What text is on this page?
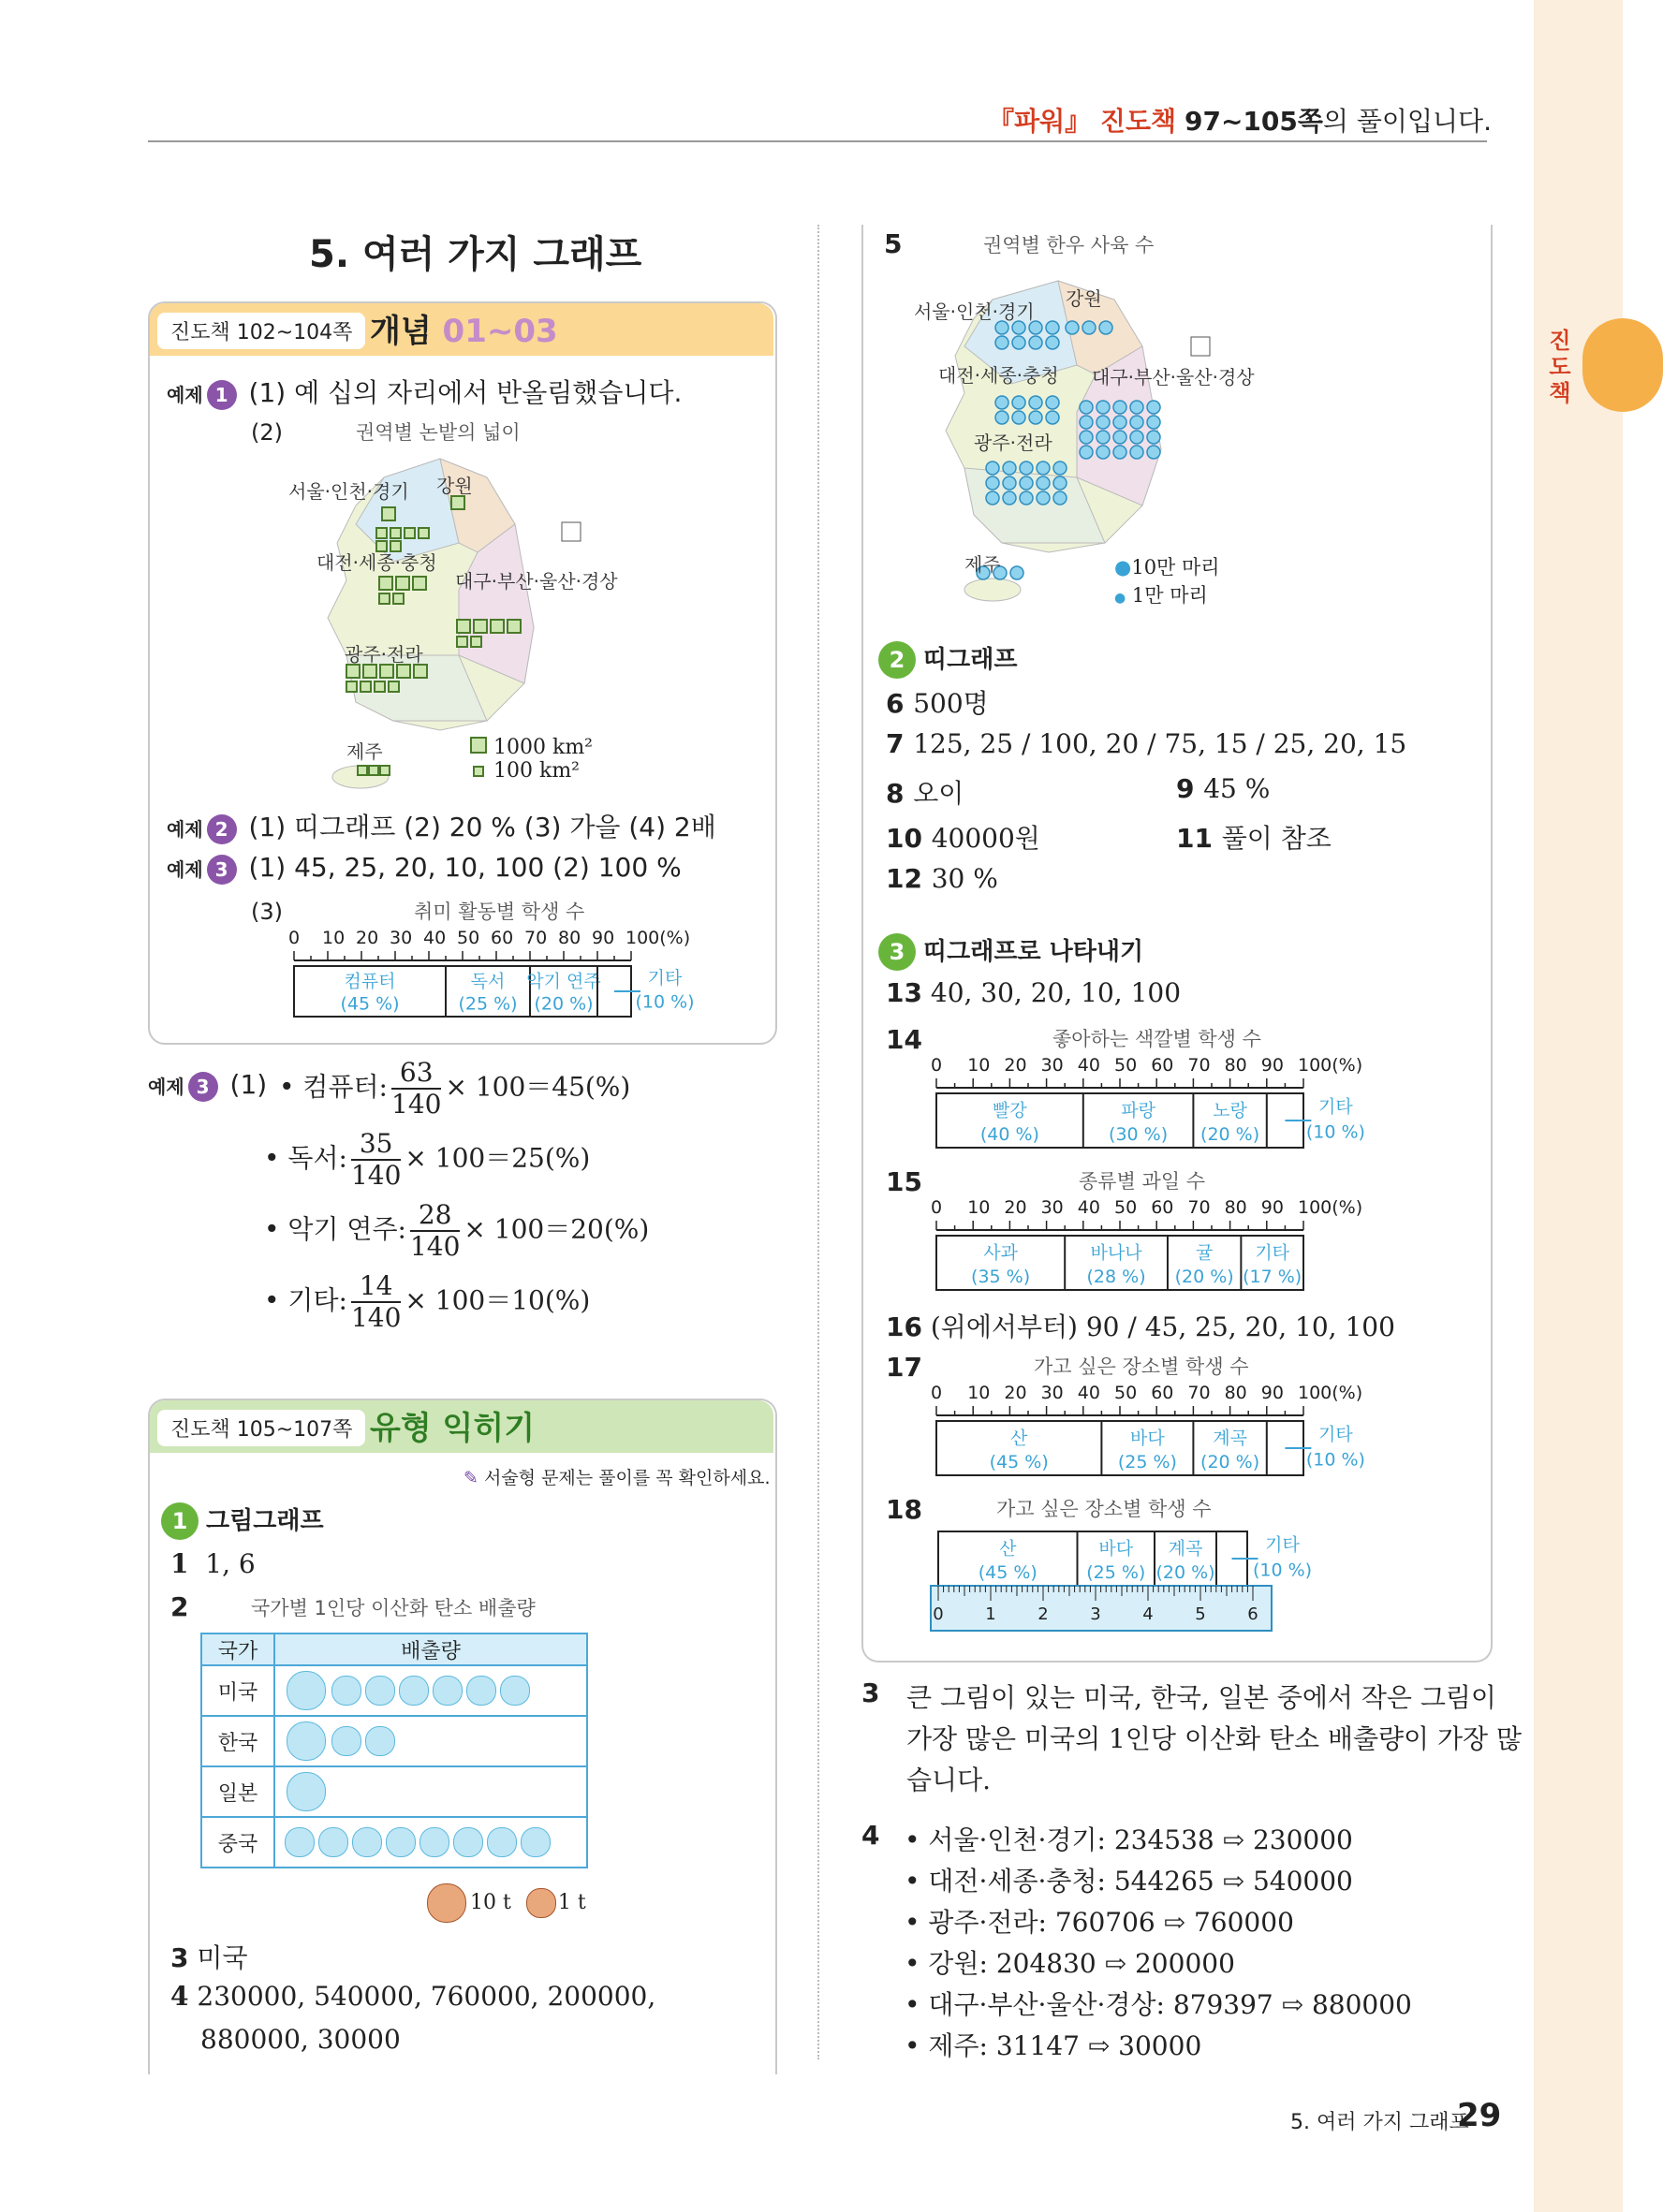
진도책
『파워』 진도책 97~105쪽의 풀이입니다.
5. 여러 가지 그래프
진도책 102~104쪽 개념 01~03
예제 1 (1) 예 십의 자리에서 반올림했습니다.
(2)	권역별 논밭의 넓이
서울·인천·경기 강원
대전·세종·충청
대구·부산·울산·경상
광주·전라
제주	1000 km²
100 km²
예제 2 (1) 띠그래프 (2) 20 % (3) 가을 (4) 2배
예제 3 (1) 45, 25, 20, 10, 100 (2) 100 %
(3)	취미 활동별 학생 수
0 10 20 30 40 50 60 70 80 90 100(%)
컴퓨터
(45 %)
독서
(25 %)
악기 연주
(20 %)
기타
(10 %)
예제 3 (1) • 컴퓨터: $\frac{63}{140} \times 100=45(\%)$
• 독서: $\frac{35}{140} \times 100=25(\%)$
• 악기 연주: $\frac{28}{140} \times 100=20(\%)$
• 기타: $\frac{14}{140} \times 100=10(\%)$
진도책 105~107쪽 유형 익히기
✎ 서술형 문제는 풀이를 꼭 확인하세요.
1 그림그래프
1 1, 6
2	국가별 1인당 이산화 탄소 배출량
국가	배출량
미국	
한국	
일본	
중국	
10 t 1 t
3 미국
4 230000, 540000, 760000, 200000,
880000, 30000
5	권역별 한우 사육 수
서울·인천·경기
강원
대전·세종·충청 대구·부산·울산·경상
광주·전라
제주	●10만 마리
● 1만 마리
2 띠그래프
6 500명
7 125, 25 / 100, 20 / 75, 15 / 25, 20, 15
8 오이	9 45 %
10 40000원	11 풀이 참조
12 30 %
3 띠그래프로 나타내기
13 40, 30, 20, 10, 100
14	좋아하는 색깔별 학생 수
0 10 20 30 40 50 60 70 80 90 100(%)
빨강
(40 %)
파랑
(30 %)
노랑
(20 %)
기타
(10 %)
15	종류별 과일 수
0 10 20 30 40 50 60 70 80 90 100(%)
사과
(35 %)
바나나
(28 %)
귤
(20 %)
기타
(17 %)
16 (위에서부터) 90 / 45, 25, 20, 10, 100
17	가고 싶은 장소별 학생 수
0 10 20 30 40 50 60 70 80 90 100(%)
산
(45 %)
바다
(25 %)
계곡
(20 %)
기타
(10 %)
18	가고 싶은 장소별 학생 수
산
(45 %)
바다
(25 %)
계곡
(20 %)
기타
(10 %)
0 1 2 3 4 5 6
3 큰 그림이 있는 미국, 한국, 일본 중에서 작은 그림이
가장 많은 미국의 1인당 이산화 탄소 배출량이 가장 많
습니다.
4 • 서울·인천·경기: 234538 ⇨ 230000
• 대전·세종·충청: 544265 ⇨ 540000
• 광주·전라: 760706 ⇨ 760000
• 강원: 204830 ⇨ 200000
• 대구·부산·울산·경상: 879397 ⇨ 880000
• 제주: 31147 ⇨ 30000
5. 여러 가지 그래프
29
